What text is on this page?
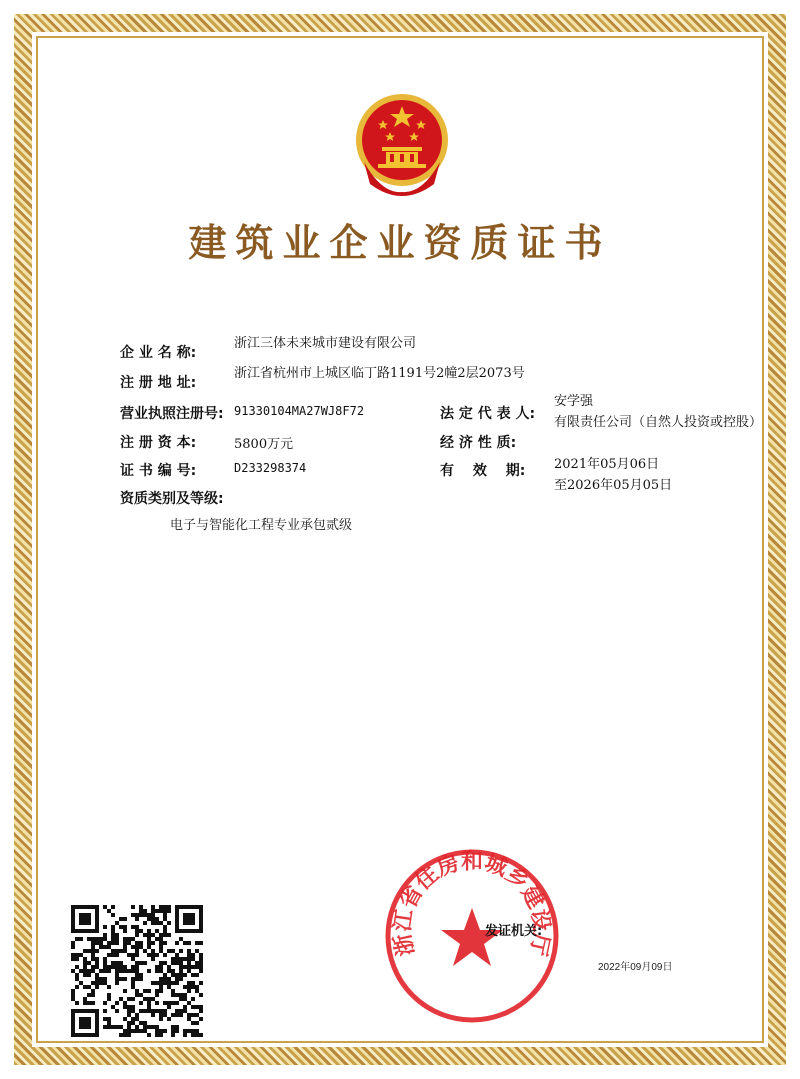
建筑业企业资质证书
企 业 名 称:
浙江三体未来城市建设有限公司
注 册 地 址:
浙江省杭州市上城区临丁路1191号2幢2层2073号
营业执照注册号: 91330104MA27WJ8F72
注 册 资 本:	5800万元
证 书 编 号:	D233298374
资质类别及等级:
电子与智能化工程专业承包贰级
法 定 代 表 人:
安学强
经 济 性 质:
有限责任公司（自然人投资或控股）
有　 效　 期: 2021年05月06日
至2026年05月05日
浙江省住房和城乡建设厅
发证机关:
2022年09月09日
